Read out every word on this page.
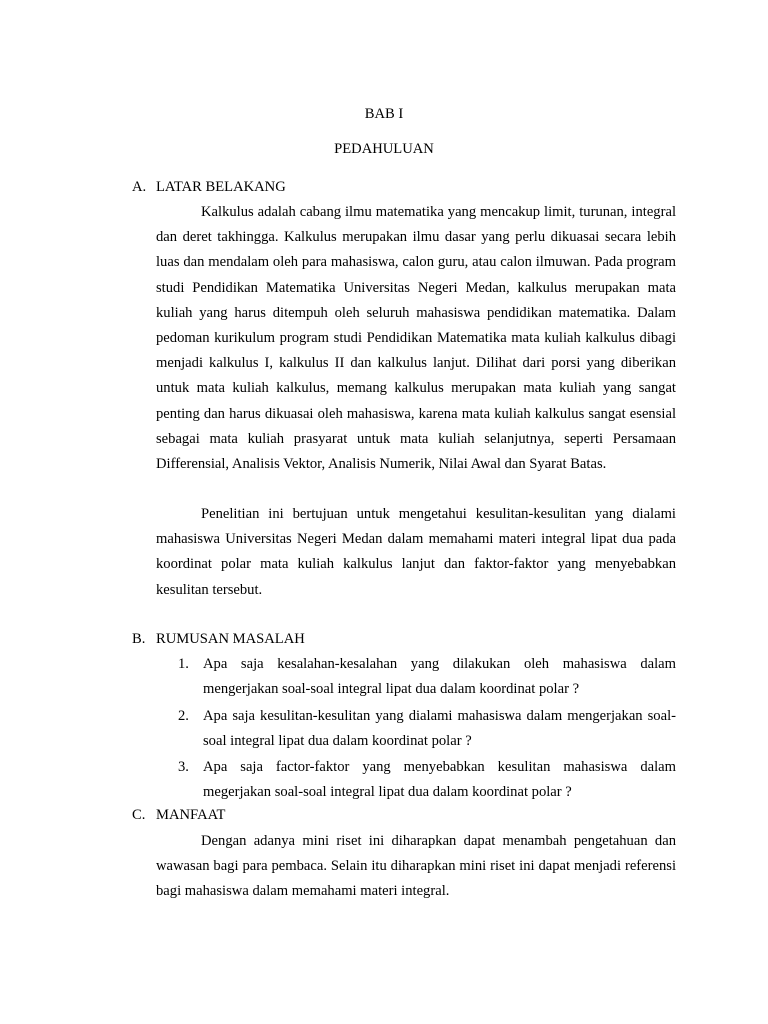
BAB I
PEDAHULUAN
A. LATAR BELAKANG

Kalkulus adalah cabang ilmu matematika yang mencakup limit, turunan, integral dan deret takhingga. Kalkulus merupakan ilmu dasar yang perlu dikuasai secara lebih luas dan mendalam oleh para mahasiswa, calon guru, atau calon ilmuwan. Pada program studi Pendidikan Matematika Universitas Negeri Medan, kalkulus merupakan mata kuliah yang harus ditempuh oleh seluruh mahasiswa pendidikan matematika. Dalam pedoman kurikulum program studi Pendidikan Matematika mata kuliah kalkulus dibagi menjadi kalkulus I, kalkulus II dan kalkulus lanjut. Dilihat dari porsi yang diberikan untuk mata kuliah kalkulus, memang kalkulus merupakan mata kuliah yang sangat penting dan harus dikuasai oleh mahasiswa, karena mata kuliah kalkulus sangat esensial sebagai mata kuliah prasyarat untuk mata kuliah selanjutnya, seperti Persamaan Differensial, Analisis Vektor, Analisis Numerik, Nilai Awal dan Syarat Batas.

Penelitian ini bertujuan untuk mengetahui kesulitan-kesulitan yang dialami mahasiswa Universitas Negeri Medan dalam memahami materi integral lipat dua pada koordinat polar mata kuliah kalkulus lanjut dan faktor-faktor yang menyebabkan kesulitan tersebut.

B. RUMUSAN MASALAH
1. Apa saja kesalahan-kesalahan yang dilakukan oleh mahasiswa dalam mengerjakan soal-soal integral lipat dua dalam koordinat polar ?
2. Apa saja kesulitan-kesulitan yang dialami mahasiswa dalam mengerjakan soal-soal integral lipat dua dalam koordinat polar ?
3. Apa saja factor-faktor yang menyebabkan kesulitan mahasiswa dalam megerjakan soal-soal integral lipat dua dalam koordinat polar ?
C. MANFAAT

Dengan adanya mini riset ini diharapkan dapat menambah pengetahuan dan wawasan bagi para pembaca. Selain itu diharapkan mini riset ini dapat menjadi referensi bagi mahasiswa dalam memahami materi integral.
